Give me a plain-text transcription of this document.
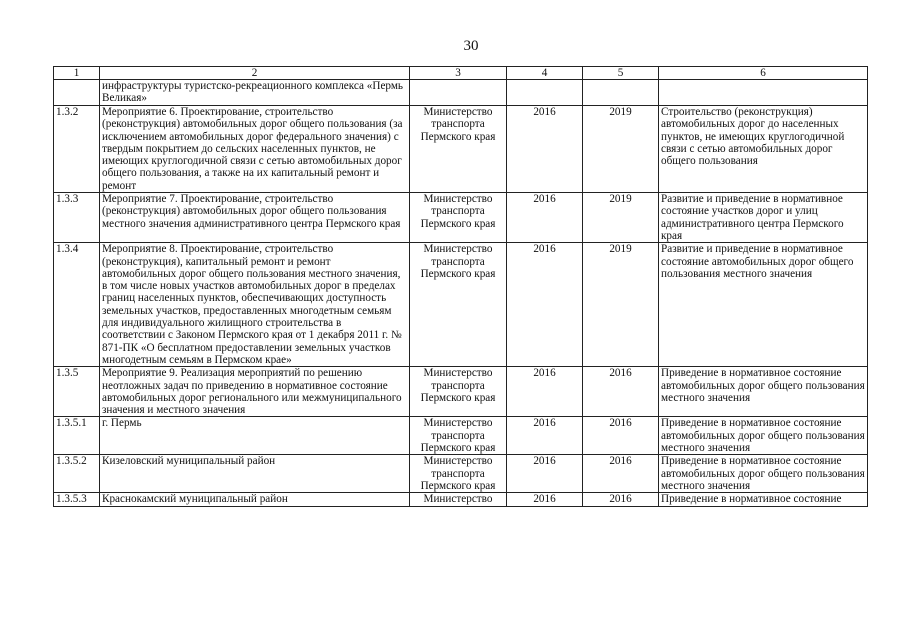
30
1	2	3	4	5	6
	инфраструктуры туристско-рекреационного комплекса «Пермь Великая»				
1.3.2	Мероприятие 6. Проектирование, строительство (реконструкция) автомобильных дорог общего пользования (за исключением автомобильных дорог федерального значения) с твердым покрытием до сельских населенных пунктов, не имеющих круглогодичной связи с сетью автомобильных дорог общего пользования, а также на их капитальный ремонт и ремонт	Министерство транспорта Пермского края	2016	2019	Строительство (реконструкция) автомобильных дорог до населенных пунктов, не имеющих круглогодичной связи с сетью автомобильных дорог общего пользования
1.3.3	Мероприятие 7. Проектирование, строительство (реконструкция) автомобильных дорог общего пользования местного значения административного центра Пермского края	Министерство транспорта Пермского края	2016	2019	Развитие и приведение в нормативное состояние участков дорог и улиц административного центра Пермского края
1.3.4	Мероприятие 8. Проектирование, строительство (реконструкция), капитальный ремонт и ремонт автомобильных дорог общего пользования местного значения, в том числе новых участков автомобильных дорог в пределах границ населенных пунктов, обеспечивающих доступность земельных участков, предоставленных многодетным семьям для индивидуального жилищного строительства в соответствии с Законом Пермского края от 1 декабря 2011 г. № 871-ПК «О бесплатном предоставлении земельных участков многодетным семьям в Пермском крае»	Министерство транспорта Пермского края	2016	2019	Развитие и приведение в нормативное состояние автомобильных дорог общего пользования местного значения
1.3.5	Мероприятие 9. Реализация мероприятий по решению неотложных задач по приведению в нормативное состояние автомобильных дорог регионального или межмуниципального значения и местного значения	Министерство транспорта Пермского края	2016	2016	Приведение в нормативное состояние автомобильных дорог общего пользования местного значения
1.3.5.1	г. Пермь	Министерство транспорта Пермского края	2016	2016	Приведение в нормативное состояние автомобильных дорог общего пользования местного значения
1.3.5.2	Кизеловский муниципальный район	Министерство транспорта Пермского края	2016	2016	Приведение в нормативное состояние автомобильных дорог общего пользования местного значения
1.3.5.3	Краснокамский муниципальный район	Министерство	2016	2016	Приведение в нормативное состояние
